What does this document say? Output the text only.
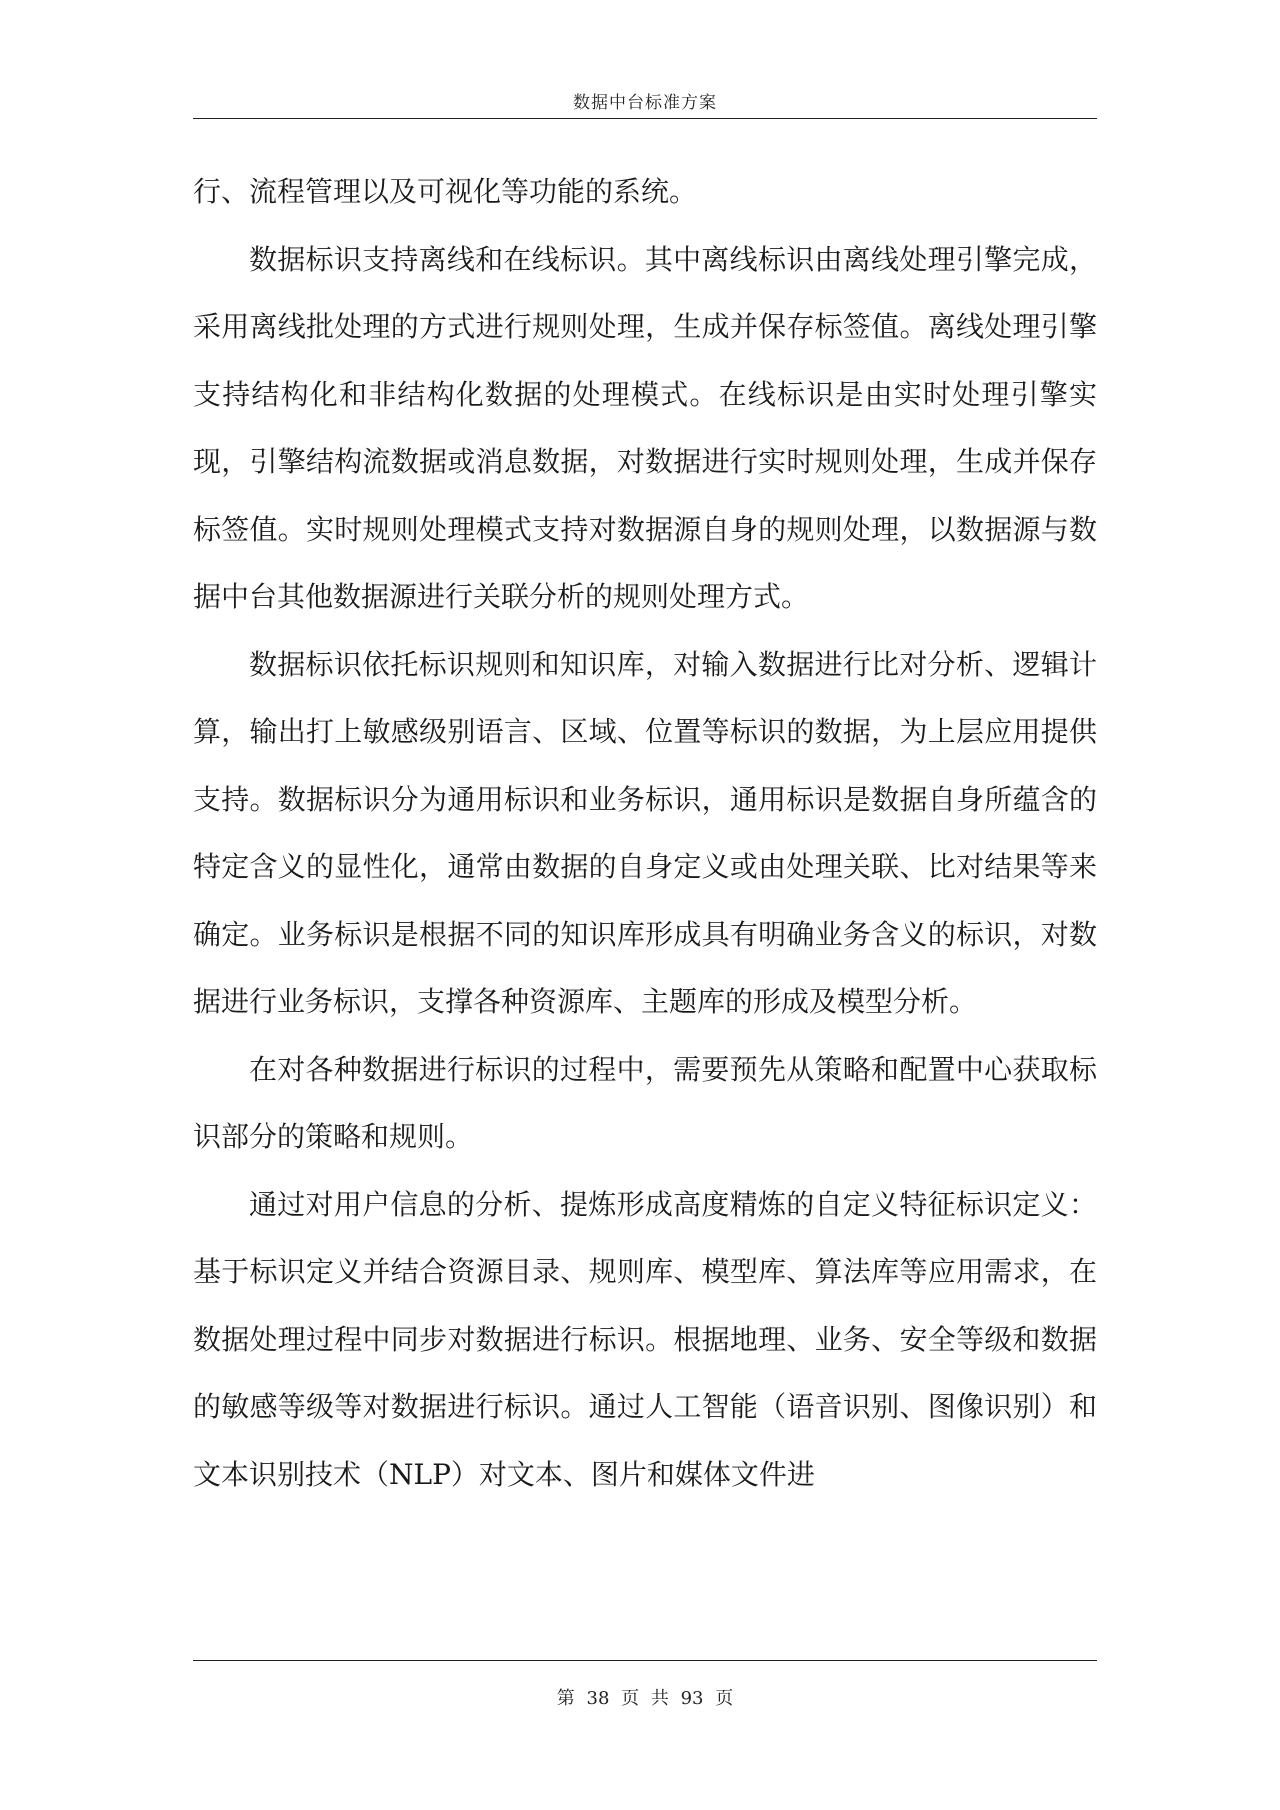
数据中台标准方案

行、流程管理以及可视化等功能的系统。

数据标识支持离线和在线标识。其中离线标识由离线处理引擎完成，采用离线批处理的方式进行规则处理，生成并保存标签值。离线处理引擎支持结构化和非结构化数据的处理模式。在线标识是由实时处理引擎实现，引擎结构流数据或消息数据，对数据进行实时规则处理，生成并保存标签值。实时规则处理模式支持对数据源自身的规则处理，以数据源与数据中台其他数据源进行关联分析的规则处理方式。

数据标识依托标识规则和知识库，对输入数据进行比对分析、逻辑计算，输出打上敏感级别语言、区域、位置等标识的数据，为上层应用提供支持。数据标识分为通用标识和业务标识，通用标识是数据自身所蕴含的特定含义的显性化，通常由数据的自身定义或由处理关联、比对结果等来确定。业务标识是根据不同的知识库形成具有明确业务含义的标识，对数据进行业务标识，支撑各种资源库、主题库的形成及模型分析。

在对各种数据进行标识的过程中，需要预先从策略和配置中心获取标识部分的策略和规则。

通过对用户信息的分析、提炼形成高度精炼的自定义特征标识定义：基于标识定义并结合资源目录、规则库、模型库、算法库等应用需求，在数据处理过程中同步对数据进行标识。根据地理、业务、安全等级和数据的敏感等级等对数据进行标识。通过人工智能（语音识别、图像识别）和文本识别技术（NLP）对文本、图片和媒体文件进

第 38 页 共 93 页
